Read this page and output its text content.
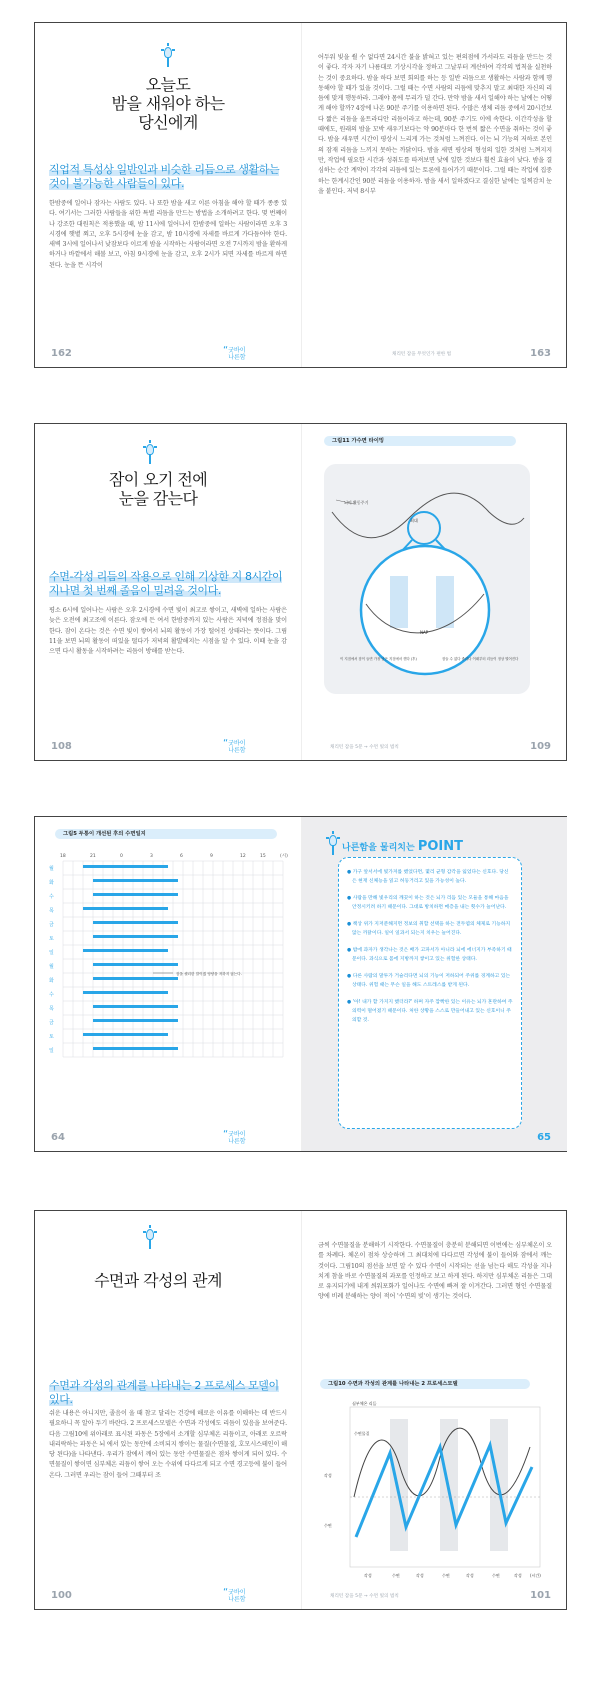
오늘도
밤을 새워야 하는
당신에게
직업적 특성상 일반인과 비슷한 리듬으로 생활하는 것이 불가능한 사람들이 있다.
한밤중에 일어나 잠자는 사람도 있다. 나 또한 밤을 새고 이른 아침을 해야 할 때가 종종 있다. 여기서는 그러한 사람들을 위한 특별 리듬을 만드는 방법을 소개하려고 한다. 몇 번째이나 강조한 대원칙은 적용했을 때, 밤 11시에 일어나서 한밤중에 일하는 사람이라면 오후 3시경에 햇볕 쬐고, 오후 5시경에 눈을 감고, 밤 10시경에 자세를 바르게 가다듬어야 한다. 새벽 3시에 일어나서 낮잠보다 이르게 밤을 시작하는 사람이라면 오전 7시까지 밤을 환하게 하거나 바깥에서 해볼 보고, 아침 9시경에 눈을 감고, 오후 2시가 되면 자세를 바르게 하면 된다. 눈을 뜬 시각이
162	“굿바이
나른함
어두워 빛을 쐴 수 없다면 24시간 불을 밝혀고 있는 편의점에 가서라도 리듬을 만드는 것이 좋다. 각자 자기 나름대로 기상시각을 정하고 그날부터 계산하여 각각의 법칙을 실천하는 것이 중요하다. 밤을 하다 보면 회의를 하는 등 일반 리듬으로 생활하는 사람과 함께 행동해야 할 때가 있을 것이다. 그럴 때는 수면 사람의 리듬에 맞추지 말고 최대한 자신의 리듬에 맞게 행동하라. 그래야 몸에 무리가 덜 간다. 만약 밤을 새서 일해야 하는 날에는 어떻게 해야 할까? 4장에 나온 90분 주기를 이용하면 된다. 수많은 생체 리듬 중에서 20시간보다 짧은 리듬을 울트라디안 리듬이라고 하는데, 90분 주기도 이에 속한다. 이간각성을 할 때에도, 원래의 밤을 꼬박 새우기보다는 약 90분마다 한 번씩 짧은 수면을 취하는 것이 좋다. 밤을 새우면 시간이 평상시 느리게 가는 것처럼 느껴진다. 이는 뇌 기능의 저하로 본인의 잠재 리듬을 느끼지 못하는 까닭이다. 밤을 새면 평상의 형성의 일한 것처럼 느껴지지만, 작업에 필요한 시간과 성취도를 따져보면 낮에 일한 것보다 훨씬 효율이 낮다. 밤을 결심하는 순간 계약이 각각의 리듬에 있는 토론에 들어가기 때문이다. 그럴 때는 작업에 집중하는 한계시간인 90분 리듬을 이용하자. 밤을 새서 일하겠다고 결심한 날에는 일찍감치 눈을 붙인다. 저녁 8시부
채리턴 잠을 무엇인가 편한 법	163
잠이 오기 전에
눈을 감는다
수면-각성 리듬의 작용으로 인해 기상한 지 8시간이 지나면 첫 번째 졸음이 밀려올 것이다.
평소 6시에 일어나는 사람은 오후 2시경에 수면 빛이 최고로 쌓이고, 새벽에 일하는 사람은 늦은 오전에 최고조에 이른다. 잠오에 든 여서 한밤중까지 있는 사람은 저녁에 정점을 맞이한다. 잠이 온다는 것은 수면 빛이 쌓여서 뇌의 활동이 가장 떨어진 상태라는 뜻이다. 그림11을 보면 뇌의 활동이 떠있을 떨다가 저녁의 활발해지는 시점을 알 수 있다. 이때 눈을 감으면 다시 활동을 시작하려는 리듬이 방해를 받는다.
108	“굿바이
나른함
그림11 가수면 타이밍
뇌의 활동주기
최대
NAP
이 지점에서 잠이 들면 가장 낮은 지점에서 깬다 (후)	잠들 수 없다 졸리다 이때부터 리듬이 정상 떨어진다
채리턴 잠을 5분 → 수면 빛의 법칙	109
그림5 두통이 개선된 후의 수면일지
18	21	0	3	6	9	12	15	(시)
월
화
수
목
금
토
일
월
화
수
목
금
토
일
잠을 셀리한 말이겠 영양을 저하지 않는다.
64	“굿바이
나른함
나른함을 물리치는 POINT
● 가구 앞서서에 빛가져를 했었다면, 몇리 균형 감각을 잃었다는 신호다. 당신은 현재 신체능을 읽고 허둥거리고 있을 가능성이 높다.
● 사람을 만해 빛우리의 깨끗이 하는 것은 뇌가 리듬 있는 모듈을 통해 마음을 안정시키려 하기 때문이다. 그대로 방치하면 매층을 내는 횟수가 늘어난다.
● 책상 위가 지저분해지면 정보의 취합 선택을 하는 전두엽의 체제로 기능하지 않는 까닭이다. 일이 일과서 되는지 치우는 늘어진다.
● 밤에 과자가 생각나는 것은 배가 고파서가 아니라 뇌에 에너지가 부족하기 때문이다. 과식으로 몸에 지방까지 쌓이고 있는 위험한 상태다.
● 다른 사람의 말투가 거슬리다면 뇌의 기능이 저하되어 주위를 경계하고 있는 상태다. 위험 때는 무슨 일을 해도 스트레스를 받게 된다.
● '아! 내가 할 가지지 했더라?' 하며 자주 깜빡한 있는 이유는 뇌가 혼란하여 주의력이 떨어졌기 때문이다. 처한 상황을 스스로 만들어내고 있는 신호이니 주의할 것.
65
수면과 각성의 관계
수면과 각성의 관계를 나타내는 2 프로세스 모델이 있다.
쉬운 내용은 아니지만, 졸음이 올 때 참고 달리는 건강에 해로운 이유를 이해하는 데 반드시 필요하니 꼭 알아 두기 바란다. 2 프로세스모델은 수면과 각성에도 리듬이 있음을 보여준다. 다음 그림10에 위아래로 표시된 파동은 5장에서 소개할 심부체온 리듬이고, 아래로 오르락내리락하는 파동은 뇌 에서 있는 동안에 소비되지 쌓이는 물질(수면물질, 호모시스테인이 해당 된다)을 나타낸다. 우리가 잠에서 깨어 있는 동안 수면물질은 점차 쌓이게 되어 있다. 수면물질이 쌓이면 심부체온 리듬이 쌓어 오는 수위에 다다르게 되고 수면 경고등에 불이 들어온다. 그러면 우리는 잠이 들어 그때부터 조
100	“굿바이
나른함
금씩 수면물질을 분해하기 시작한다. 수면물질이 충분히 분해되면 이번에는 심부체온이 오를 차례다. 체온이 점차 상승하며 그 최대치에 다다르면 각성에 불이 들어와 잠에서 깨는 것이다. 그림10의 점선을 보면 알 수 있다 수면이 시작되는 선을 넘는다 해도 각성을 지나치게 참을 바로 수면물질의 과포를 인정하고 보고 하게 된다. 하지만 심부체온 리듬은 그대로 유지되기에 내게 씌워포화가 일어나도 수면에 빠져 잘 이겨간다. 그러면 형인 수면물질 양에 비례 분해하는 양이 적어 '수면의 빚'이 생기는 것이다.
그림10 수면과 각성의 관계를 나타내는 2 프로세스모델
심부체온 리듬
수면물질
각성
수면
각성	수면	각성	수면	각성	수면	각성 (시간)
채리턴 잠을 5분 → 수면 빛의 법칙	101
